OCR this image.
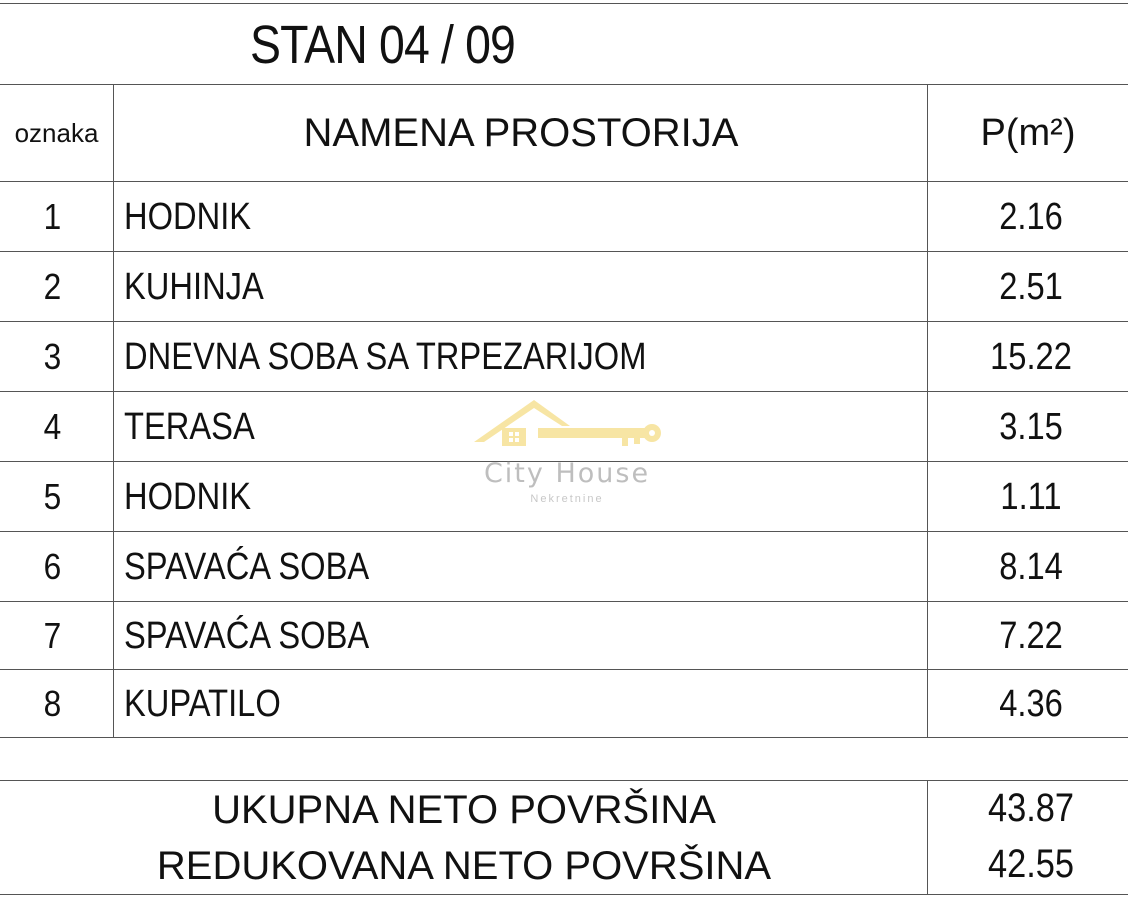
STAN 04 / 09
oznaka	NAMENA PROSTORIJA	P(m²)
1	HODNIK	2.16
2	KUHINJA	2.51
3	DNEVNA SOBA SA TRPEZARIJOM	15.22
4	TERASA	3.15
5	HODNIK	1.11
6	SPAVAĆA SOBA	8.14
7	SPAVAĆA SOBA	7.22
8	KUPATILO	4.36
UKUPNA NETO POVRŠINA	43.87
REDUKOVANA NETO POVRŠINA	42.55
City House
Nekretnine
